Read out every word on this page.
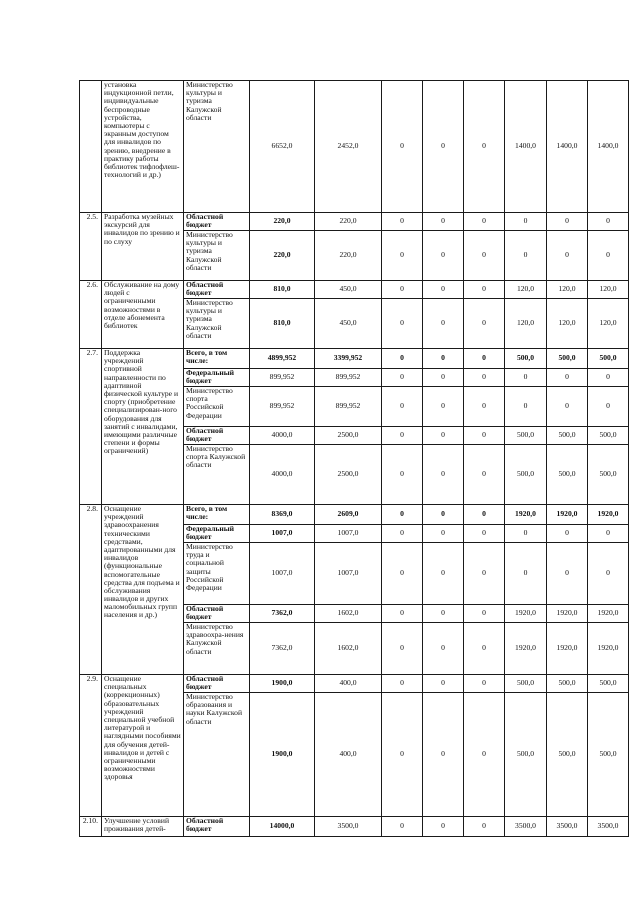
	установка индукционной петли, индивидуальные беспроводные устройства, компьютеры с экранным доступом для инвалидов по зрению, внедрение в практику работы библиотек тифлофлеш-технологий и др.)	Министерство культуры и туризма Калужской области	6652,0	2452,0	0	0	0	1400,0	1400,0	1400,0
2.5.	Разработка музейных экскурсий для инвалидов по зрению и по слуху	Областной бюджет	220,0	220,0	0	0	0	0	0	0
		Министерство культуры и туризма Калужской области	220,0	220,0	0	0	0	0	0	0
2.6.	Обслуживание на дому людей с ограниченными возможностями в отделе абонемента библиотек	Областной бюджет	810,0	450,0	0	0	0	120,0	120,0	120,0
		Министерство культуры и туризма Калужской области	810,0	450,0	0	0	0	120,0	120,0	120,0
2.7.	Поддержка учреждений спортивной направленности по адаптивной физической культуре и спорту (приобретение специализирован-ного оборудования для занятий с инвалидами, имеющими различные степени и формы ограничений)	Всего, в том числе:	4899,952	3399,952	0	0	0	500,0	500,0	500,0
		Федеральный бюджет	899,952	899,952	0	0	0	0	0	0
		Министерство спорта Российской Федерации	899,952	899,952	0	0	0	0	0	0
		Областной бюджет	4000,0	2500,0	0	0	0	500,0	500,0	500,0
		Министерство спорта Калужской области	4000,0	2500,0	0	0	0	500,0	500,0	500,0
2.8.	Оснащение учреждений здравоохранения техническими средствами, адаптированными для инвалидов (функциональные вспомогательные средства для подъема и обслуживания инвалидов и других маломобильных групп населения и др.)	Всего, в том числе:	8369,0	2609,0	0	0	0	1920,0	1920,0	1920,0
		Федеральный бюджет	1007,0	1007,0	0	0	0	0	0	0
		Министерство труда и социальной защиты Российской Федерации	1007,0	1007,0	0	0	0	0	0	0
		Областной бюджет	7362,0	1602,0	0	0	0	1920,0	1920,0	1920,0
		Министерство здравоохра-нения Калужской области	7362,0	1602,0	0	0	0	1920,0	1920,0	1920,0
2.9.	Оснащение специальных (коррекционных) образовательных учреждений специальной учебной литературой и наглядными пособиями для обучения детей-инвалидов и детей с ограниченными возможностями здоровья	Областной бюджет	1900,0	400,0	0	0	0	500,0	500,0	500,0
		Министерство образования и науки Калужской области	1900,0	400,0	0	0	0	500,0	500,0	500,0
2.10.	Улучшение условий проживания детей-	Областной бюджет	14000,0	3500,0	0	0	0	3500,0	3500,0	3500,0
